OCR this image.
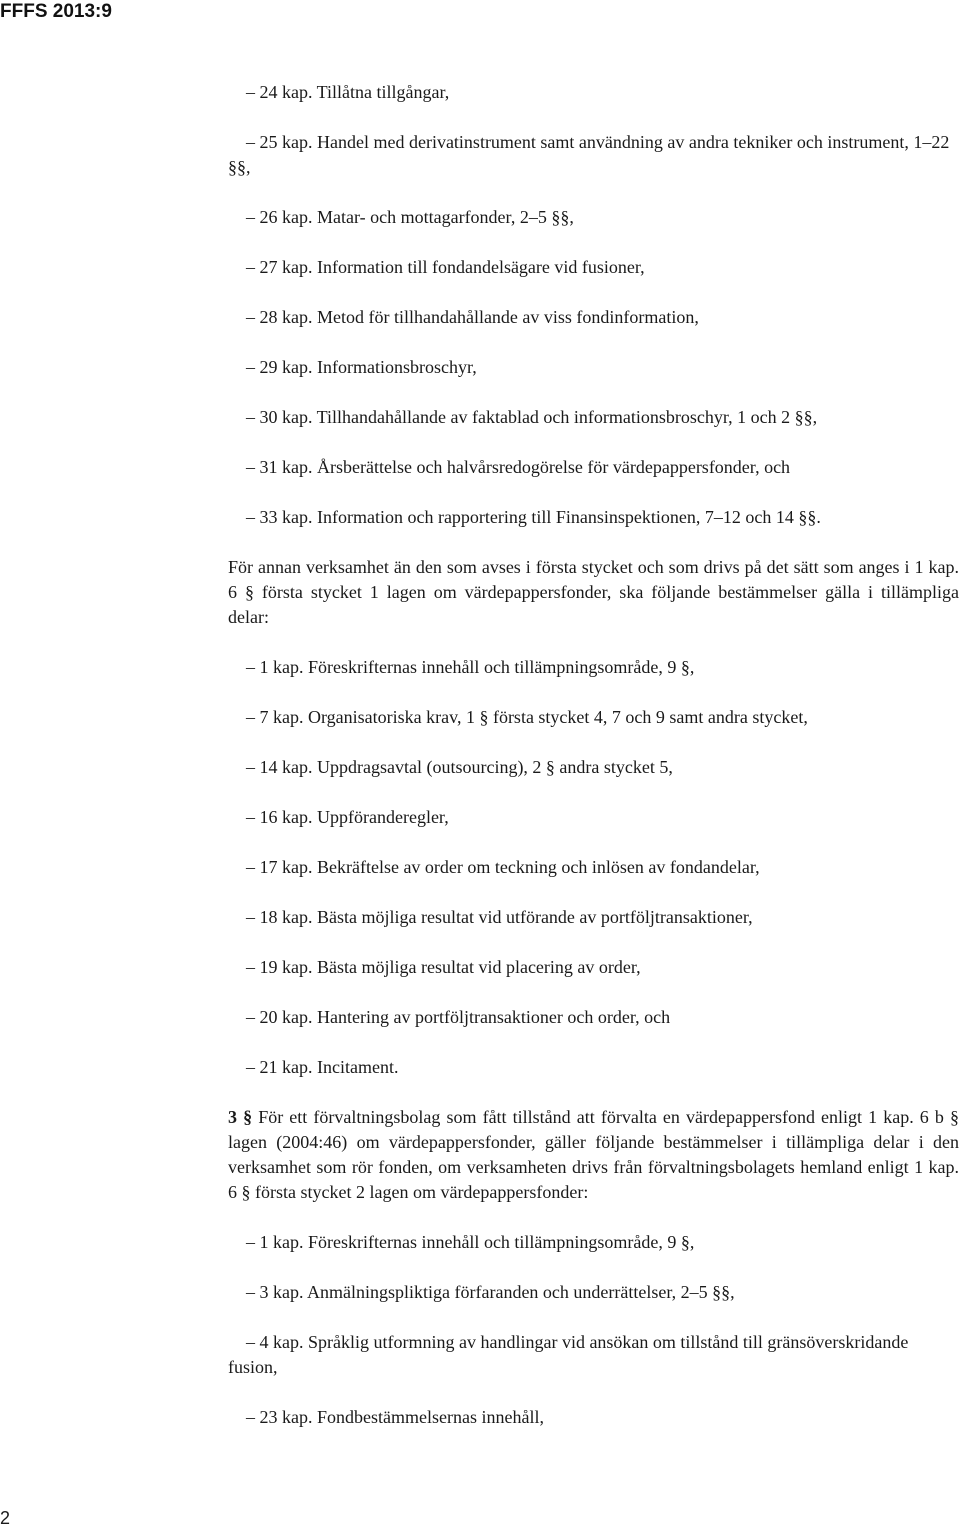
FFFS 2013:9
– 24 kap. Tillåtna tillgångar,
– 25 kap. Handel med derivatinstrument samt användning av andra tekniker och instrument, 1–22 §§,
– 26 kap. Matar- och mottagarfonder, 2–5 §§,
– 27 kap. Information till fondandelsägare vid fusioner,
– 28 kap. Metod för tillhandahållande av viss fondinformation,
– 29 kap. Informationsbroschyr,
– 30 kap. Tillhandahållande av faktablad och informationsbroschyr, 1 och 2 §§,
– 31 kap. Årsberättelse och halvårsredogörelse för värdepappersfonder, och
– 33 kap. Information och rapportering till Finansinspektionen, 7–12 och 14 §§.

För annan verksamhet än den som avses i första stycket och som drivs på det sätt som anges i 1 kap. 6 § första stycket 1 lagen om värdepappersfonder, ska följande bestämmelser gälla i tillämpliga delar:

– 1 kap. Föreskrifternas innehåll och tillämpningsområde, 9 §,
– 7 kap. Organisatoriska krav, 1 § första stycket 4, 7 och 9 samt andra stycket,
– 14 kap. Uppdragsavtal (outsourcing), 2 § andra stycket 5,
– 16 kap. Uppföranderegler,
– 17 kap. Bekräftelse av order om teckning och inlösen av fondandelar,
– 18 kap. Bästa möjliga resultat vid utförande av portföljtransaktioner,
– 19 kap. Bästa möjliga resultat vid placering av order,
– 20 kap. Hantering av portföljtransaktioner och order, och
– 21 kap. Incitament.

3 § För ett förvaltningsbolag som fått tillstånd att förvalta en värdepappersfond enligt 1 kap. 6 b § lagen (2004:46) om värdepappersfonder, gäller följande bestämmelser i tillämpliga delar i den verksamhet som rör fonden, om verksamheten drivs från förvaltningsbolagets hemland enligt 1 kap. 6 § första stycket 2 lagen om värdepappersfonder:

– 1 kap. Föreskrifternas innehåll och tillämpningsområde, 9 §,
– 3 kap. Anmälningspliktiga förfaranden och underrättelser, 2–5 §§,
– 4 kap. Språklig utformning av handlingar vid ansökan om tillstånd till gränsöverskridande fusion,
– 23 kap. Fondbestämmelsernas innehåll,
2
